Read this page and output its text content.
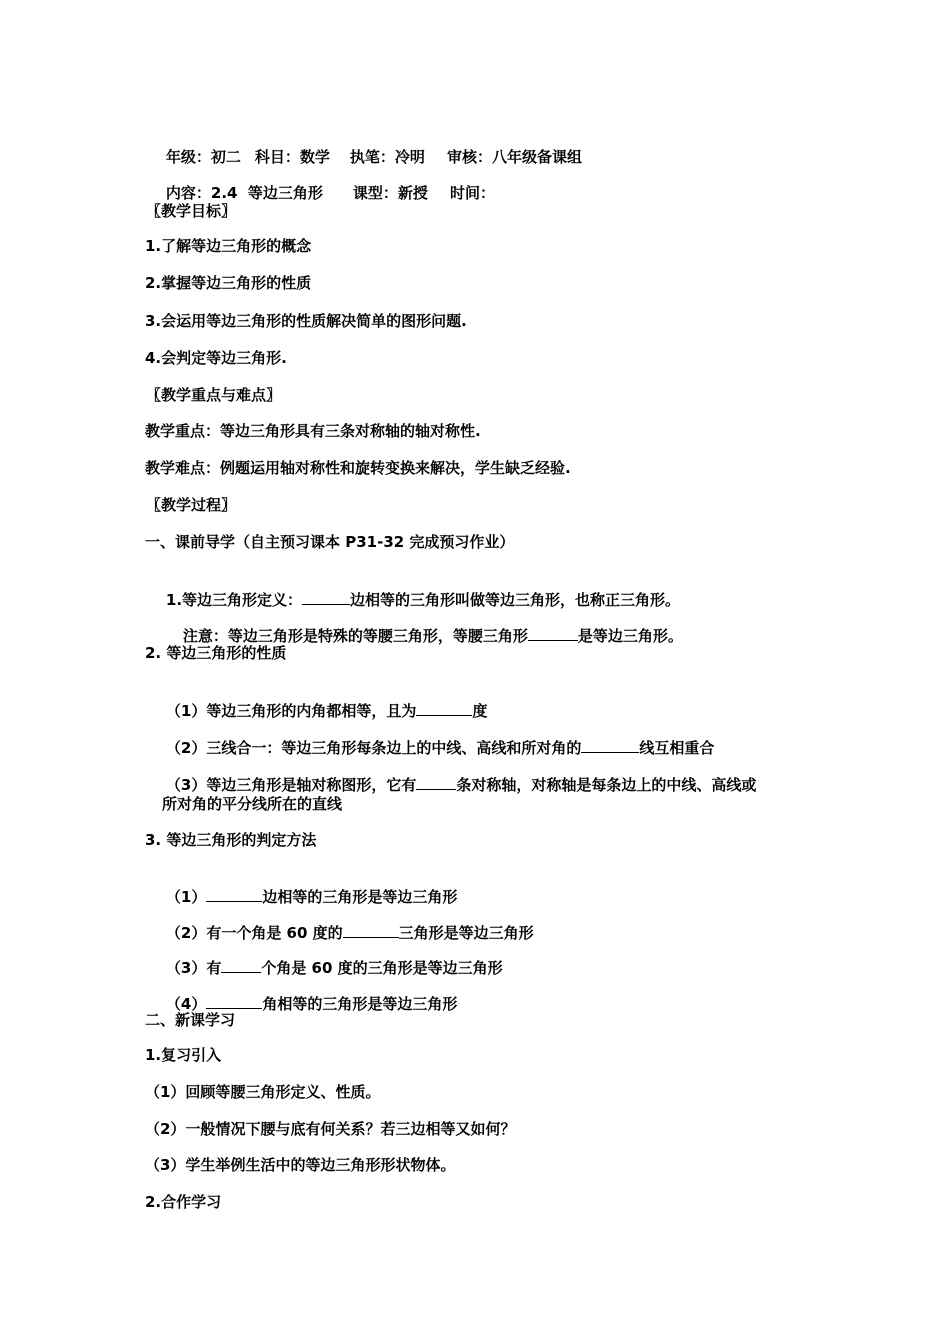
年级：初二 科目：数学 执笔：冷明 审核：八年级备课组

内容：2.4  等边三角形 课型：新授 时间：

〖教学目标〗
1.了解等边三角形的概念
2.掌握等边三角形的性质
3.会运用等边三角形的性质解决简单的图形问题.
4.会判定等边三角形.
〖教学重点与难点〗
教学重点：等边三角形具有三条对称轴的轴对称性.
教学难点：例题运用轴对称性和旋转变换来解决，学生缺乏经验.
〖教学过程〗
一、课前导学（自主预习课本 P31-32 完成预习作业）

1.等边三角形定义：	边相等的三角形叫做等边三角形，也称正三角形。

注意：等边三角形是特殊的等腰三角形，等腰三角形	是等边三角形。

2. 等边三角形的性质

（1）等边三角形的内角都相等，且为	度

（2）三线合一：等边三角形每条边上的中线、高线和所对角的	线互相重合

（3）等边三角形是轴对称图形，它有	条对称轴，对称轴是每条边上的中线、高线或

所对角的平分线所在的直线
3. 等边三角形的判定方法

（1）	边相等的三角形是等边三角形

（2）有一个角是 60 度的	三角形是等边三角形

（3）有	个角是 60 度的三角形是等边三角形

（4）	角相等的三角形是等边三角形

二、新课学习
1.复习引入
（1）回顾等腰三角形定义、性质。
（2）一般情况下腰与底有何关系？若三边相等又如何？
（3）学生举例生活中的等边三角形形状物体。
2.合作学习
